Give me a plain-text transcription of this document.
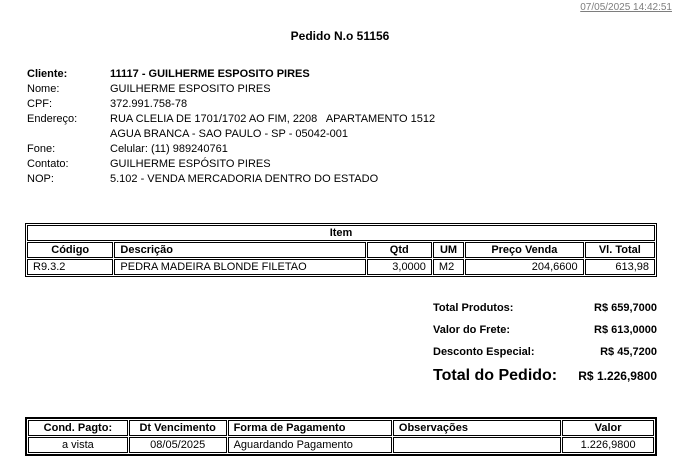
07/05/2025 14:42:51
Pedido N.o 51156
Cliente:	11117 - GUILHERME ESPOSITO PIRES
Nome:	GUILHERME ESPOSITO PIRES
CPF:	372.991.758-78
Endereço:	RUA CLELIA DE 1701/1702 AO FIM, 2208   APARTAMENTO 1512
AGUA BRANCA - SAO PAULO - SP - 05042-001
Fone:	Celular: (11) 989240761
Contato:	GUILHERME ESPÓSITO PIRES
NOP:	5.102 - VENDA MERCADORIA DENTRO DO ESTADO
Item					
Código	Descrição	Qtd	UM	Preço Venda	Vl. Total
R9.3.2	PEDRA MADEIRA BLONDE FILETAO	3,0000	M2	204,6600	613,98
Total Produtos:	R$ 659,7000
Valor do Frete:	R$ 613,0000
Desconto Especial:	R$ 45,7200
Total do Pedido: R$ 1.226,9800
Cond. Pagto:	Dt Vencimento	Forma de Pagamento	Observações	Valor
a vista	08/05/2025	Aguardando Pagamento		1.226,9800
